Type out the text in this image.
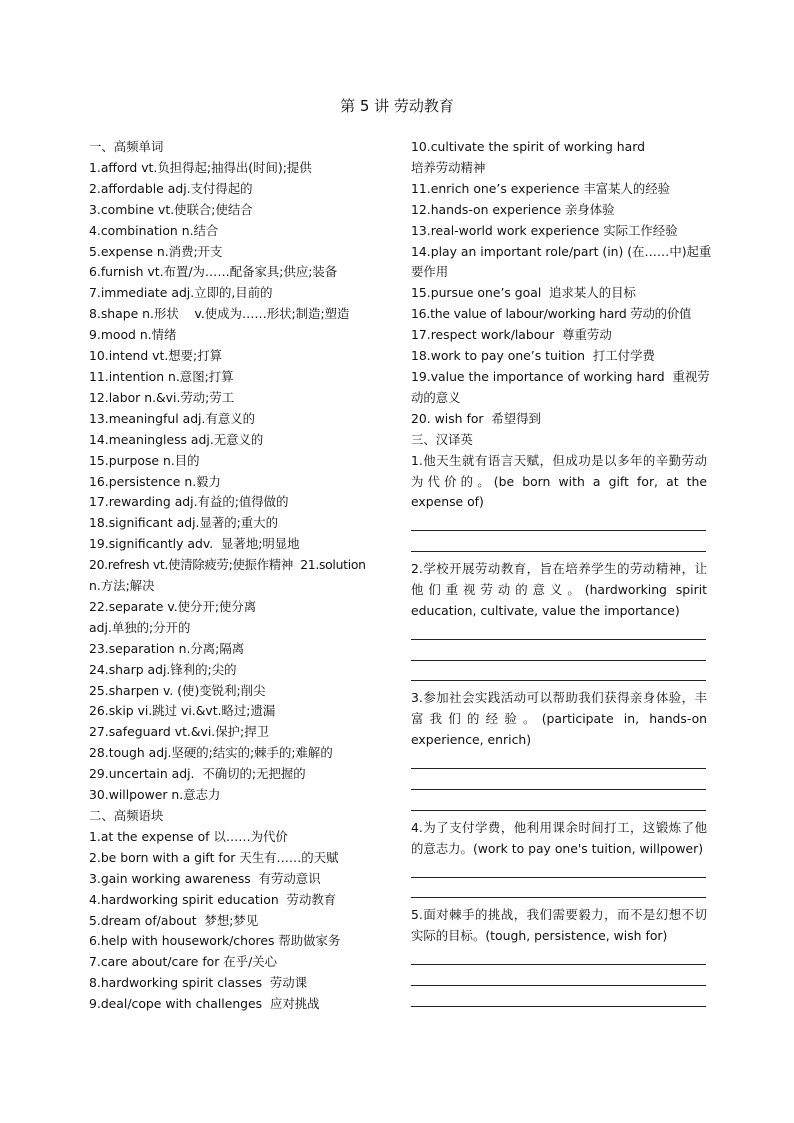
第 5 讲 劳动教育
一、高频单词
1.afford vt.负担得起;抽得出(时间);提供
2.affordable adj.支付得起的
3.combine vt.使联合;使结合
4.combination n.结合
5.expense n.消费;开支
6.furnish vt.布置/为……配备家具;供应;装备
7.immediate adj.立即的,目前的
8.shape n.形状    v.使成为……形状;制造;塑造
9.mood n.情绪
10.intend vt.想要;打算
11.intention n.意图;打算
12.labor n.&vi.劳动;劳工
13.meaningful adj.有意义的
14.meaningless adj.无意义的
15.purpose n.目的
16.persistence n.毅力
17.rewarding adj.有益的;值得做的
18.significant adj.显著的;重大的
19.significantly adv.  显著地;明显地
20.refresh vt.使清除疲劳;使振作精神  21.solution
n.方法;解决
22.separate v.使分开;使分离
adj.单独的;分开的
23.separation n.分离;隔离
24.sharp adj.锋利的;尖的
25.sharpen v. (使)变锐利;削尖
26.skip vi.跳过 vi.&vt.略过;遗漏
27.safeguard vt.&vi.保护;捍卫
28.tough adj.坚硬的;结实的;棘手的;难解的
29.uncertain adj.  不确切的;无把握的
30.willpower n.意志力
二、高频语块
1.at the expense of 以……为代价
2.be born with a gift for 天生有……的天赋
3.gain working awareness  有劳动意识
4.hardworking spirit education  劳动教育
5.dream of/about  梦想;梦见
6.help with housework/chores 帮助做家务
7.care about/care for 在乎/关心
8.hardworking spirit classes  劳动课
9.deal/cope with challenges  应对挑战
10.cultivate the spirit of working hard
培养劳动精神
11.enrich one’s experience 丰富某人的经验
12.hands-on experience 亲身体验
13.real-world work experience 实际工作经验
14.play an important role/part (in) (在……中)起重
要作用
15.pursue one’s goal  追求某人的目标
16.the value of labour/working hard 劳动的价值
17.respect work/labour  尊重劳动
18.work to pay one’s tuition  打工付学费
19.value the importance of working hard  重视劳
动的意义
20. wish for  希望得到
三、汉译英
1.他天生就有语言天赋，但成功是以多年的辛勤劳动为代价的。(be born with a gift for, at the expense of)
2.学校开展劳动教育，旨在培养学生的劳动精神，让他们重视劳动的意义。(hardworking spirit education, cultivate, value the importance)
3.参加社会实践活动可以帮助我们获得亲身体验，丰富我们的经验。(participate in, hands-on experience, enrich)
4.为了支付学费，他利用课余时间打工，这锻炼了他的意志力。(work to pay one's tuition, willpower)
5.面对棘手的挑战，我们需要毅力，而不是幻想不切实际的目标。(tough, persistence, wish for)
